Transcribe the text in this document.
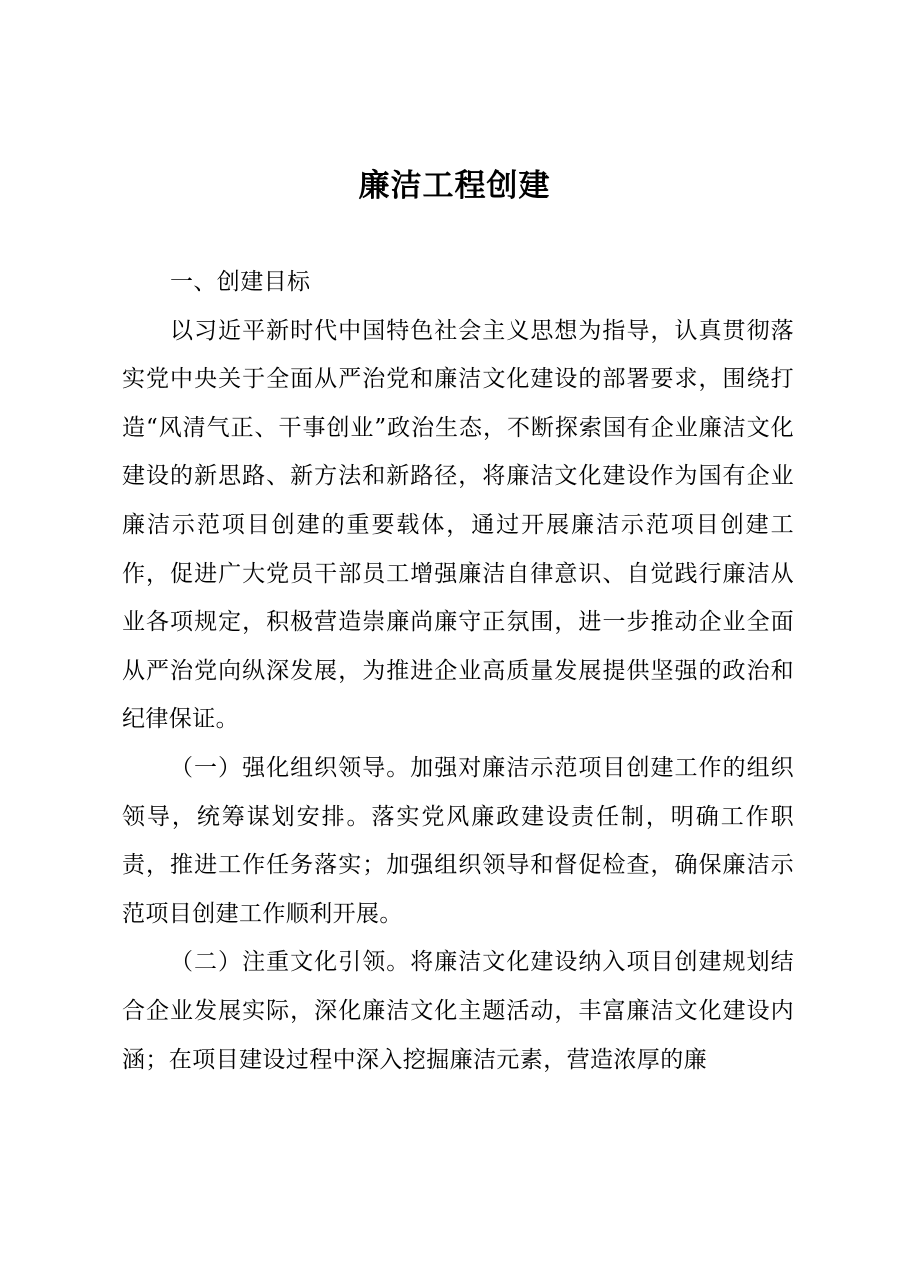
廉洁工程创建

一、创建目标

以习近平新时代中国特色社会主义思想为指导，认真贯彻落实党中央关于全面从严治党和廉洁文化建设的部署要求，围绕打造“风清气正、干事创业”政治生态，不断探索国有企业廉洁文化建设的新思路、新方法和新路径，将廉洁文化建设作为国有企业廉洁示范项目创建的重要载体，通过开展廉洁示范项目创建工作，促进广大党员干部员工增强廉洁自律意识、自觉践行廉洁从业各项规定，积极营造崇廉尚廉守正氛围，进一步推动企业全面从严治党向纵深发展，为推进企业高质量发展提供坚强的政治和纪律保证。

（一）强化组织领导。加强对廉洁示范项目创建工作的组织领导，统筹谋划安排。落实党风廉政建设责任制，明确工作职责，推进工作任务落实；加强组织领导和督促检查，确保廉洁示范项目创建工作顺利开展。

（二）注重文化引领。将廉洁文化建设纳入项目创建规划结合企业发展实际，深化廉洁文化主题活动，丰富廉洁文化建设内涵；在项目建设过程中深入挖掘廉洁元素，营造浓厚的廉
